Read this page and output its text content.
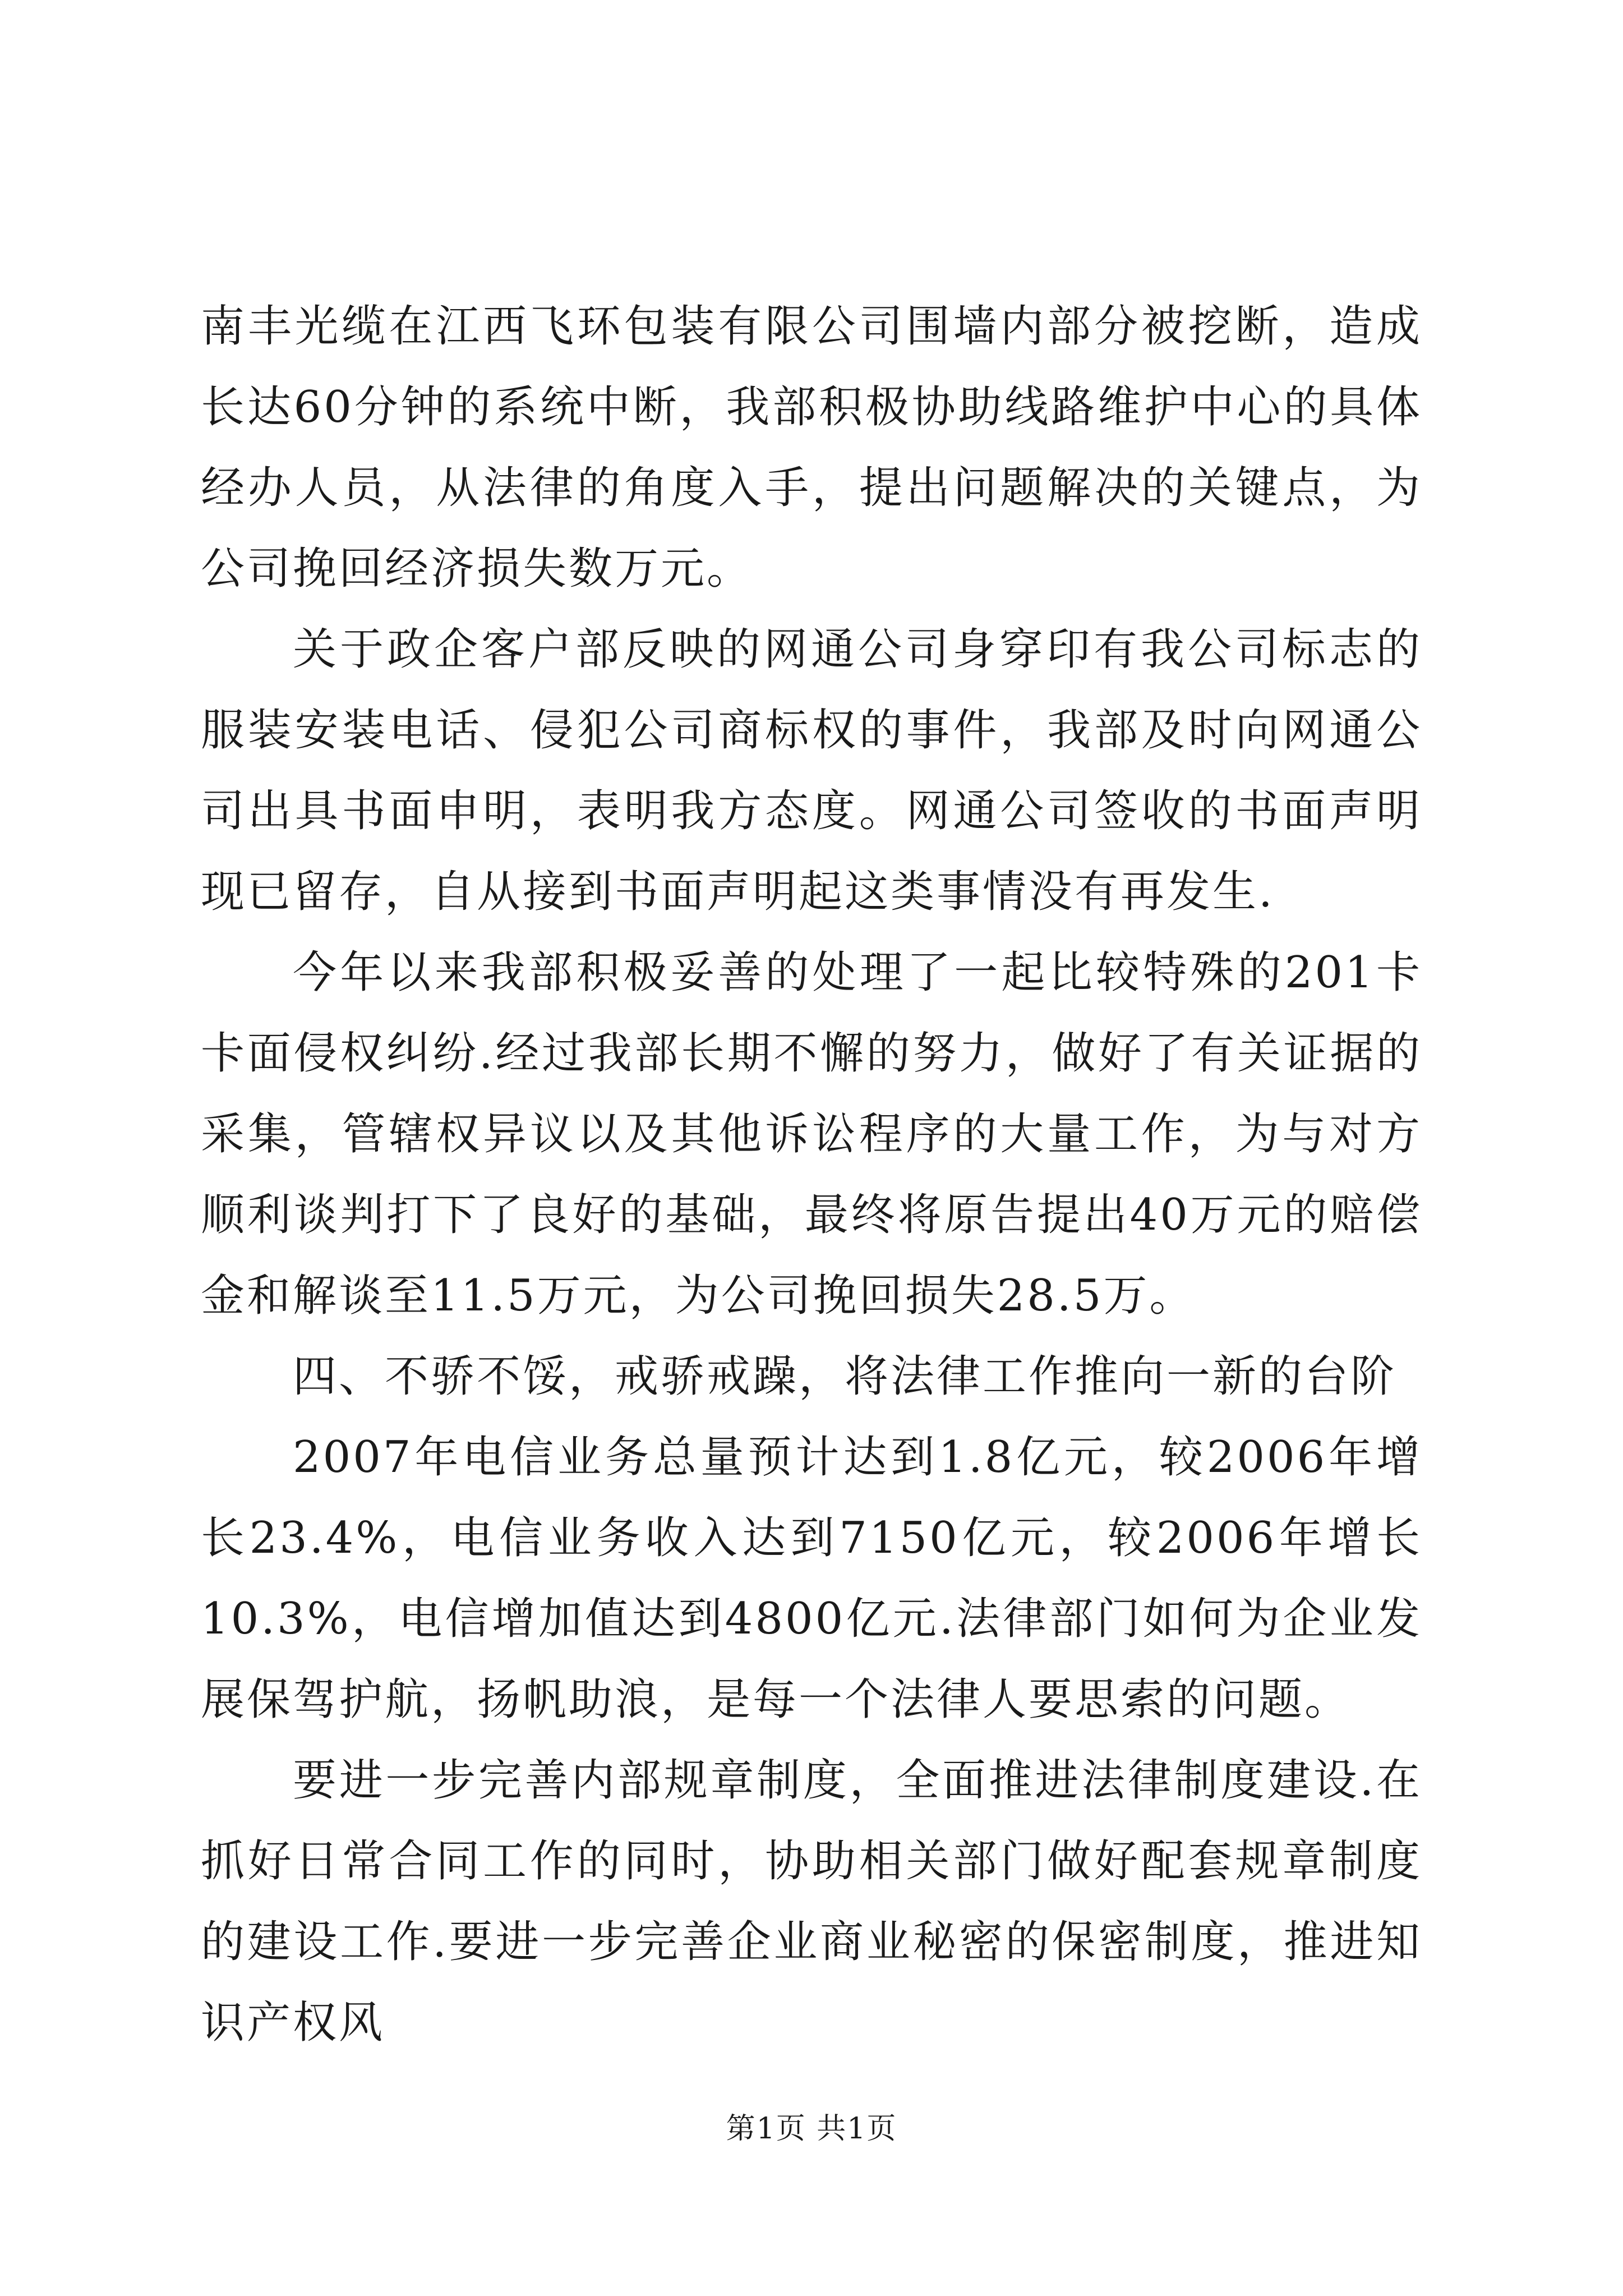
南丰光缆在江西飞环包装有限公司围墙内部分被挖断，造成长达60分钟的系统中断，我部积极协助线路维护中心的具体经办人员，从法律的角度入手，提出问题解决的关键点，为公司挽回经济损失数万元。

关于政企客户部反映的网通公司身穿印有我公司标志的服装安装电话、侵犯公司商标权的事件，我部及时向网通公司出具书面申明，表明我方态度。网通公司签收的书面声明现已留存，自从接到书面声明起这类事情没有再发生.

今年以来我部积极妥善的处理了一起比较特殊的201卡卡面侵权纠纷.经过我部长期不懈的努力，做好了有关证据的采集，管辖权异议以及其他诉讼程序的大量工作，为与对方顺利谈判打下了良好的基础，最终将原告提出40万元的赔偿金和解谈至11.5万元，为公司挽回损失28.5万。

四、不骄不馁，戒骄戒躁，将法律工作推向一新的台阶

2007年电信业务总量预计达到1.8亿元，较2006年增长23.4%，电信业务收入达到7150亿元，较2006年增长10.3%，电信增加值达到4800亿元.法律部门如何为企业发展保驾护航，扬帆助浪，是每一个法律人要思索的问题。

要进一步完善内部规章制度，全面推进法律制度建设.在抓好日常合同工作的同时，协助相关部门做好配套规章制度的建设工作.要进一步完善企业商业秘密的保密制度，推进知识产权风

第1页 共1页
